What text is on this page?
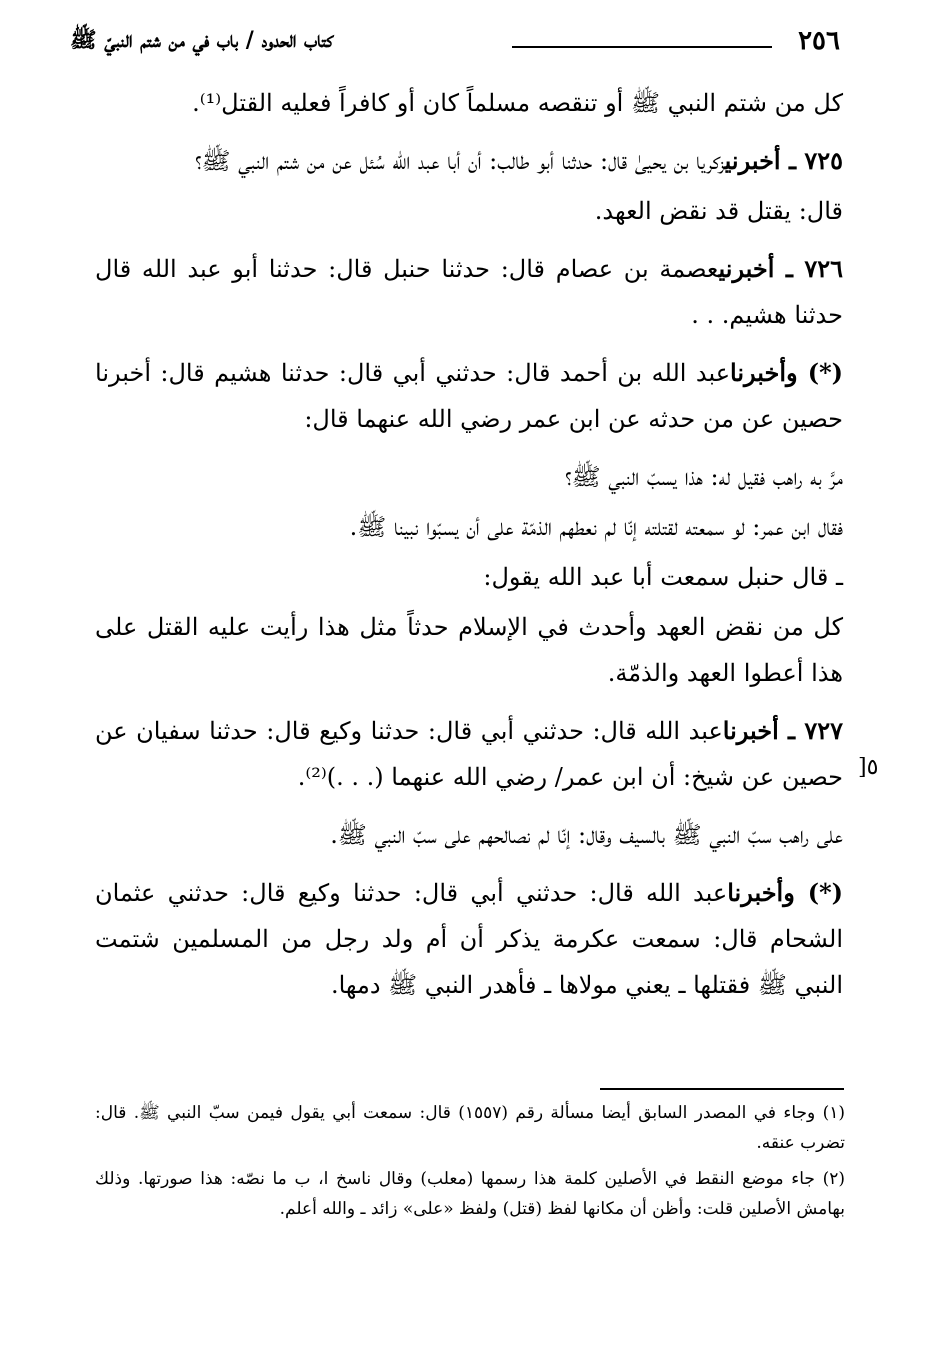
٢٥٦
كتاب الحدود / باب في من شتم النبيّ ﷺ

كل من شتم النبي ﷺ أو تنقصه مسلماً كان أو كافراً فعليه القتل⁽¹⁾.

٧٢٥ ـ أخبرنيزكريا بن يحيىٰ قال: حدثنا أبو طالب: أن أبا عبد الله سُئل عن من شتم النبي ﷺ؟

قال: يقتل قد نقض العهد.

٧٢٦ ـ أخبرنيعصمة بن عصام قال: حدثنا حنبل قال: حدثنا أبو عبد الله قال حدثنا هشيم. . .

(*) وأخبرناعبد الله بن أحمد قال: حدثني أبي قال: حدثنا هشيم قال: أخبرنا حصين عن من حدثه عن ابن عمر رضي الله عنهما قال:

مرَّ به راهب فقيل له: هذا يسبّ النبي ﷺ؟

فقال ابن عمر: لو سمعته لقتلته إنّا لم نعطهم الذمّة على أن يسبّوا نبينا ﷺ.

ـ قال حنبل سمعت أبا عبد الله يقول:

كل من نقض العهد وأحدث في الإسلام حدثاً مثل هذا رأيت عليه القتل على هذا أعطوا العهد والذمّة.

٧٢٧ ـ أخبرناعبد الله قال: حدثني أبي قال: حدثنا وكيع قال: حدثنا سفيان عن حصين عن شيخ: أن ابن عمر/ رضي الله عنهما (. . .)⁽²⁾.

على راهب سبّ النبي ﷺ بالسيف وقال: إنّا لم نصالحهم على سبّ النبي ﷺ.

(*) وأخبرناعبد الله قال: حدثني أبي قال: حدثنا وكيع قال: حدثني عثمان الشحام قال: سمعت عكرمة يذكر أن أم ولد رجل من المسلمين شتمت النبي ﷺ فقتلها ـ يعني مولاها ـ فأهدر النبي ﷺ دمها.

٥[

(١) وجاء في المصدر السابق أيضا مسألة رقم (١٥٥٧) قال: سمعت أبي يقول فيمن سبّ النبي ﷺ. قال: تضرب عنقه.

(٢) جاء موضع النقط في الأصلين كلمة هذا رسمها (معلب) وقال ناسخ ا، ب ما نصّه: هذا صورتها. وذلك بهامش الأصلين قلت: وأظن أن مكانها لفظ (قتل) ولفظ «على» زائد ـ والله أعلم.
